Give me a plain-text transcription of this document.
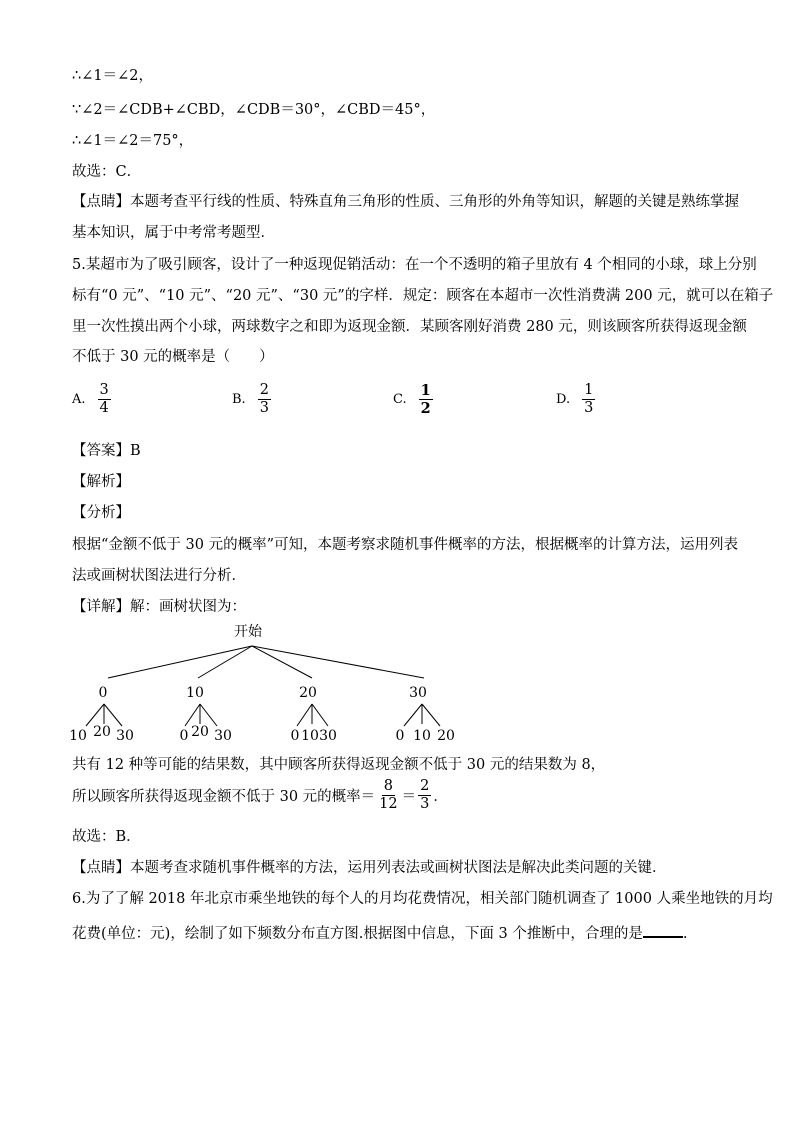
∴∠1＝∠2，
∵∠2＝∠CDB+∠CBD，∠CDB＝30°，∠CBD＝45°，
∴∠1＝∠2＝75°，
故选：C．
【点睛】本题考查平行线的性质、特殊直角三角形的性质、三角形的外角等知识，解题的关键是熟练掌握
基本知识，属于中考常考题型．
5.某超市为了吸引顾客，设计了一种返现促销活动：在一个不透明的箱子里放有 4 个相同的小球，球上分别
标有“0 元”、“10 元”、“20 元”、“30 元”的字样．规定：顾客在本超市一次性消费满 200 元，就可以在箱子
里一次性摸出两个小球，两球数字之和即为返现金额．某顾客刚好消费 280 元，则该顾客所获得返现金额
不低于 30 元的概率是（　　）
A. $\frac{3}{4}$	B. $\frac{2}{3}$	C. $\frac{1}{2}$	D. $\frac{1}{3}$
【答案】B
【解析】
【分析】
根据“金额不低于 30 元的概率”可知，本题考察求随机事件概率的方法，根据概率的计算方法，运用列表
法或画树状图法进行分析．
【详解】解：画树状图为：
开始
0	10	20	30
10 20 30	0 20 30	0 10 30	0 10 20
共有 12 种等可能的结果数，其中顾客所获得返现金额不低于 30 元的结果数为 8，
所以顾客所获得返现金额不低于 30 元的概率＝ $\frac{8}{12} = \frac{2}{3}$ ．
故选：B．
【点睛】本题考查求随机事件概率的方法，运用列表法或画树状图法是解决此类问题的关键．
6.为了了解 2018 年北京市乘坐地铁的每个人的月均花费情况，相关部门随机调查了 1000 人乘坐地铁的月均
花费(单位：元)，绘制了如下频数分布直方图.根据图中信息，下面 3 个推断中，合理的是	.
